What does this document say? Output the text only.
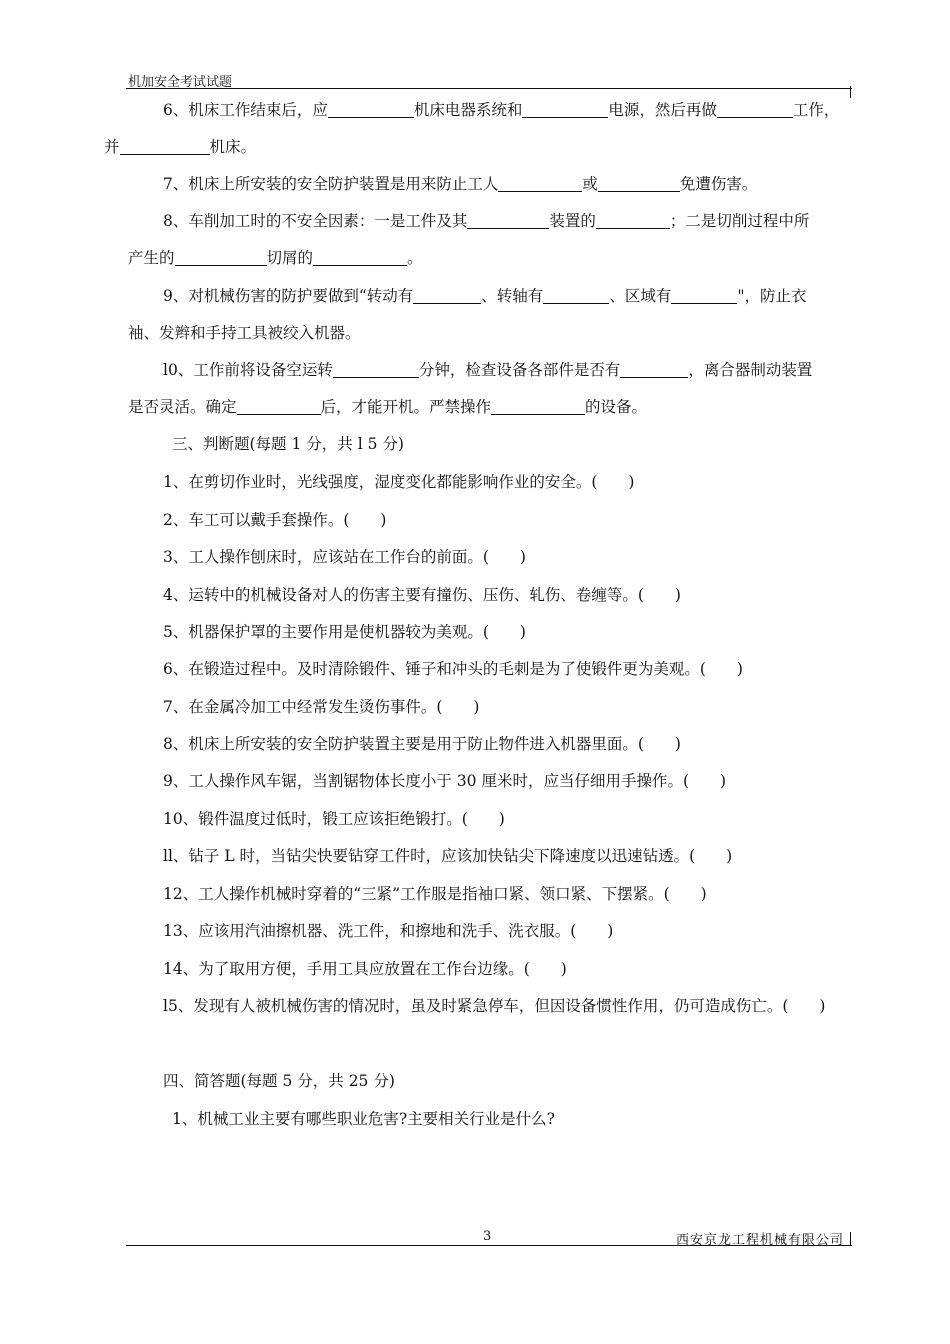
机加安全考试试题
6、机床工作结束后，应	机床电器系统和	电源，然后再做	工作，
并	机床。
7、机床上所安装的安全防护装置是用来防止工人	或	免遭伤害。
8、车削加工时的不安全因素：一是工件及其	装置的	；二是切削过程中所
产生的	切屑的	。
9、对机械伤害的防护要做到“转动有	、转轴有	、区域有	"，防止衣
袖、发辫和手持工具被绞入机器。
l0、工作前将设备空运转	分钟，检查设备各部件是否有	，离合器制动装置
是否灵活。确定	后，才能开机。严禁操作	的设备。
三、判断题(每题 1 分，共 l 5 分)
1、在剪切作业时，光线强度，湿度变化都能影响作业的安全。(　　)
2、车工可以戴手套操作。(　　)
3、工人操作刨床时，应该站在工作台的前面。(　　)
4、运转中的机械设备对人的伤害主要有撞伤、压伤、轧伤、卷缠等。(　　)
5、机器保护罩的主要作用是使机器较为美观。(　　)
6、在锻造过程中。及时清除锻件、锤子和冲头的毛刺是为了使锻件更为美观。(　　)
7、在金属冷加工中经常发生烫伤事件。(　　)
8、机床上所安装的安全防护装置主要是用于防止物件进入机器里面。(　　)
9、工人操作风车锯，当割锯物体长度小于 30 厘米时，应当仔细用手操作。(　　)
10、锻件温度过低时，锻工应该拒绝锻打。(　　)
ll、钻子 L 时，当钻尖快要钻穿工件时，应该加快钻尖下降速度以迅速钻透。(　　)
12、工人操作机械时穿着的“三紧”工作服是指袖口紧、领口紧、下摆紧。(　　)
13、应该用汽油擦机器、洗工件，和擦地和洗手、洗衣服。(　　)
14、为了取用方便，手用工具应放置在工作台边缘。(　　)
l5、发现有人被机械伤害的情况时，虽及时紧急停车，但因设备惯性作用，仍可造成伤亡。(　　)
四、简答题(每题 5 分，共 25 分)
1、机械工业主要有哪些职业危害?主要相关行业是什么?
3	西安京龙工程机械有限公司
